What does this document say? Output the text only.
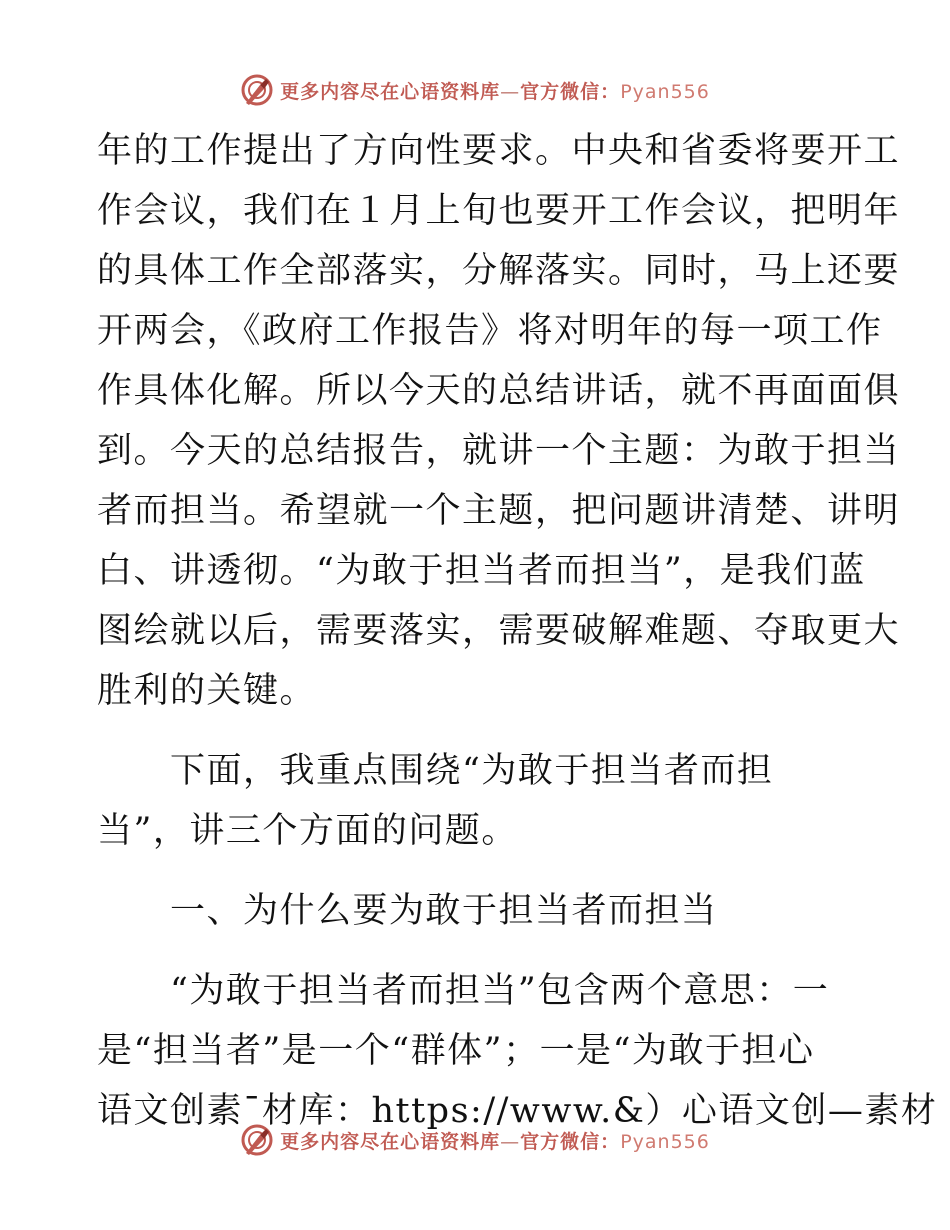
更多内容尽在心语资料库—官方微信：Pyan556

年的工作提出了方向性要求。中央和省委将要开工
作会议，我们在１月上旬也要开工作会议，把明年
的具体工作全部落实，分解落实。同时，马上还要
开两会，《政府工作报告》将对明年的每一项工作
作具体化解。所以今天的总结讲话，就不再面面俱
到。今天的总结报告，就讲一个主题：为敢于担当
者而担当。希望就一个主题，把问题讲清楚、讲明
白、讲透彻。“为敢于担当者而担当”，是我们蓝
图绘就以后，需要落实，需要破解难题、夺取更大
胜利的关键。

　　下面，我重点围绕“为敢于担当者而担
当”，讲三个方面的问题。

　　一、为什么要为敢于担当者而担当

　　“为敢于担当者而担当”包含两个意思：一
是“担当者”是一个“群体”；一是“为敢于担心
语文创素¯材库：https://www.&）心语文创—素材

更多内容尽在心语资料库—官方微信：Pyan556
